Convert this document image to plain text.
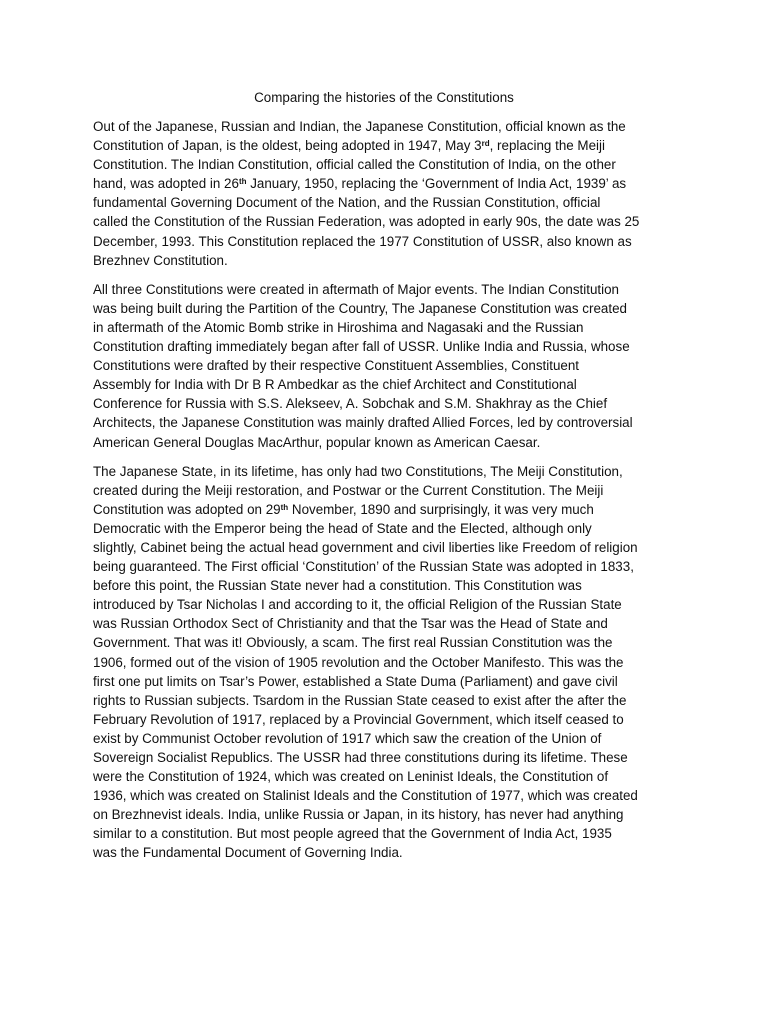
Comparing the histories of the Constitutions
Out of the Japanese, Russian and Indian, the Japanese Constitution, official known as the
Constitution of Japan, is the oldest, being adopted in 1947, May 3rd, replacing the Meiji
Constitution. The Indian Constitution, official called the Constitution of India, on the other
hand, was adopted in 26th January, 1950, replacing the ‘Government of India Act, 1939’ as
fundamental Governing Document of the Nation, and the Russian Constitution, official
called the Constitution of the Russian Federation, was adopted in early 90s, the date was 25
December, 1993. This Constitution replaced the 1977 Constitution of USSR, also known as
Brezhnev Constitution.
All three Constitutions were created in aftermath of Major events. The Indian Constitution
was being built during the Partition of the Country, The Japanese Constitution was created
in aftermath of the Atomic Bomb strike in Hiroshima and Nagasaki and the Russian
Constitution drafting immediately began after fall of USSR. Unlike India and Russia, whose
Constitutions were drafted by their respective Constituent Assemblies, Constituent
Assembly for India with Dr B R Ambedkar as the chief Architect and Constitutional
Conference for Russia with S.S. Alekseev, A. Sobchak and S.M. Shakhray as the Chief
Architects, the Japanese Constitution was mainly drafted Allied Forces, led by controversial
American General Douglas MacArthur, popular known as American Caesar.
The Japanese State, in its lifetime, has only had two Constitutions, The Meiji Constitution,
created during the Meiji restoration, and Postwar or the Current Constitution. The Meiji
Constitution was adopted on 29th November, 1890 and surprisingly, it was very much
Democratic with the Emperor being the head of State and the Elected, although only
slightly, Cabinet being the actual head government and civil liberties like Freedom of religion
being guaranteed. The First official ‘Constitution’ of the Russian State was adopted in 1833,
before this point, the Russian State never had a constitution. This Constitution was
introduced by Tsar Nicholas I and according to it, the official Religion of the Russian State
was Russian Orthodox Sect of Christianity and that the Tsar was the Head of State and
Government. That was it! Obviously, a scam. The first real Russian Constitution was the
1906, formed out of the vision of 1905 revolution and the October Manifesto. This was the
first one put limits on Tsar’s Power, established a State Duma (Parliament) and gave civil
rights to Russian subjects. Tsardom in the Russian State ceased to exist after the after the
February Revolution of 1917, replaced by a Provincial Government, which itself ceased to
exist by Communist October revolution of 1917 which saw the creation of the Union of
Sovereign Socialist Republics. The USSR had three constitutions during its lifetime. These
were the Constitution of 1924, which was created on Leninist Ideals, the Constitution of
1936, which was created on Stalinist Ideals and the Constitution of 1977, which was created
on Brezhnevist ideals. India, unlike Russia or Japan, in its history, has never had anything
similar to a constitution. But most people agreed that the Government of India Act, 1935
was the Fundamental Document of Governing India.
